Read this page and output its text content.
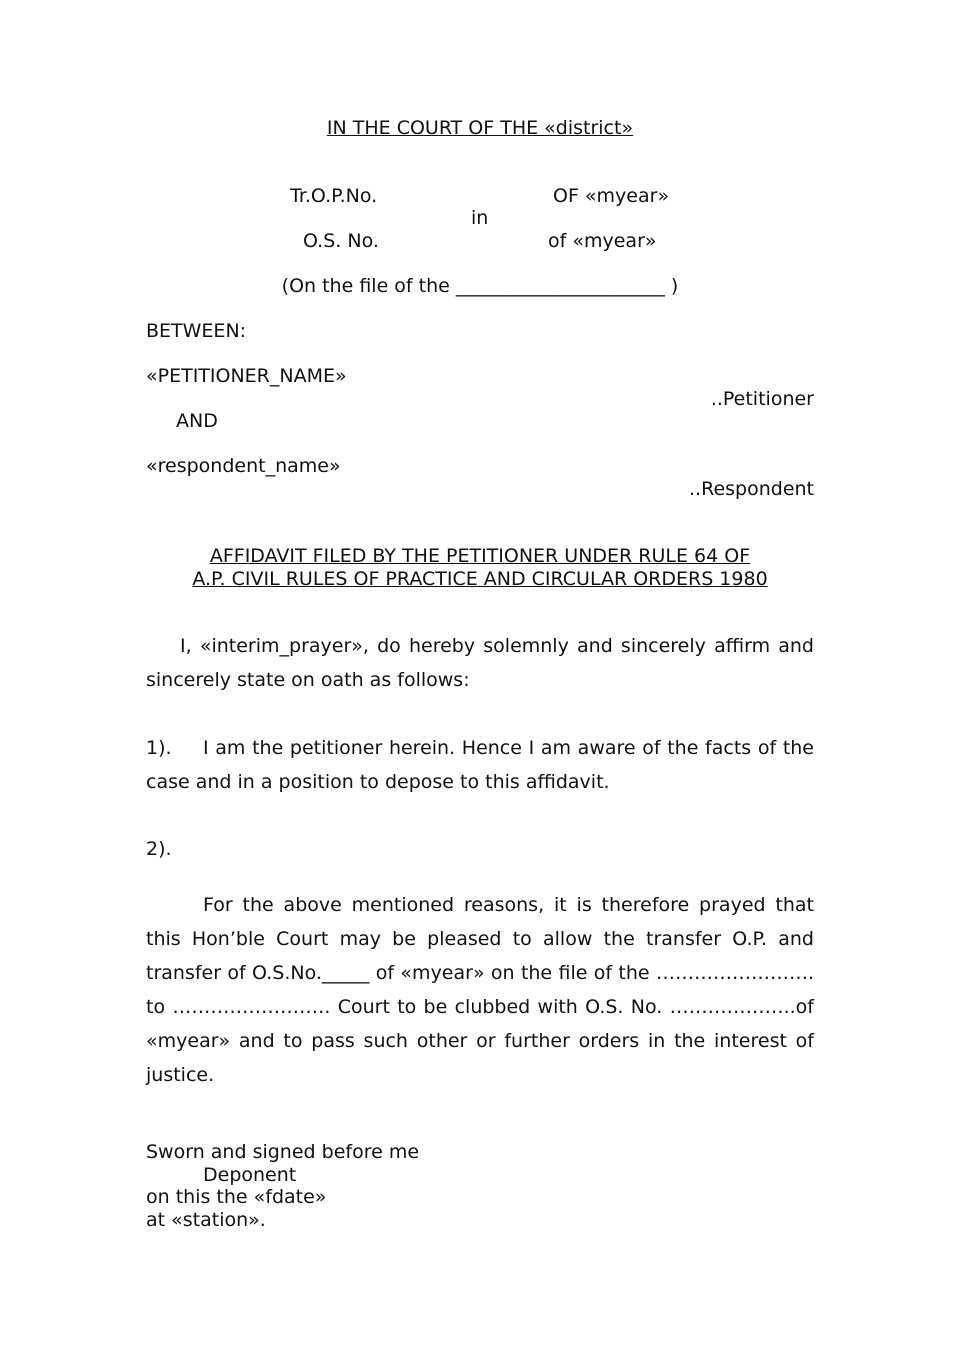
IN THE COURT OF THE «district»
Tr.O.P.No.	OF «myear»
in
O.S. No.	of «myear»
(On the file of the ______________________ )
BETWEEN:
«PETITIONER_NAME»
..Petitioner
AND
«respondent_name»
..Respondent
AFFIDAVIT FILED BY THE PETITIONER UNDER RULE 64 OF
A.P. CIVIL RULES OF PRACTICE AND CIRCULAR ORDERS 1980
I, «interim_prayer», do hereby solemnly and sincerely affirm and sincerely state on oath as follows:
1). I am the petitioner herein. Hence I am aware of the facts of the case and in a position to depose to this affidavit.
2).
For the above mentioned reasons, it is therefore prayed that this Hon’ble Court may be pleased to allow the transfer O.P. and transfer of O.S.No._____ of «myear» on the file of the ……………………. to ……………………. Court to be clubbed with O.S. No. ………………..of «myear» and to pass such other or further orders in the interest of justice.
Sworn and signed before me
Deponent
on this the «fdate»
at «station».
